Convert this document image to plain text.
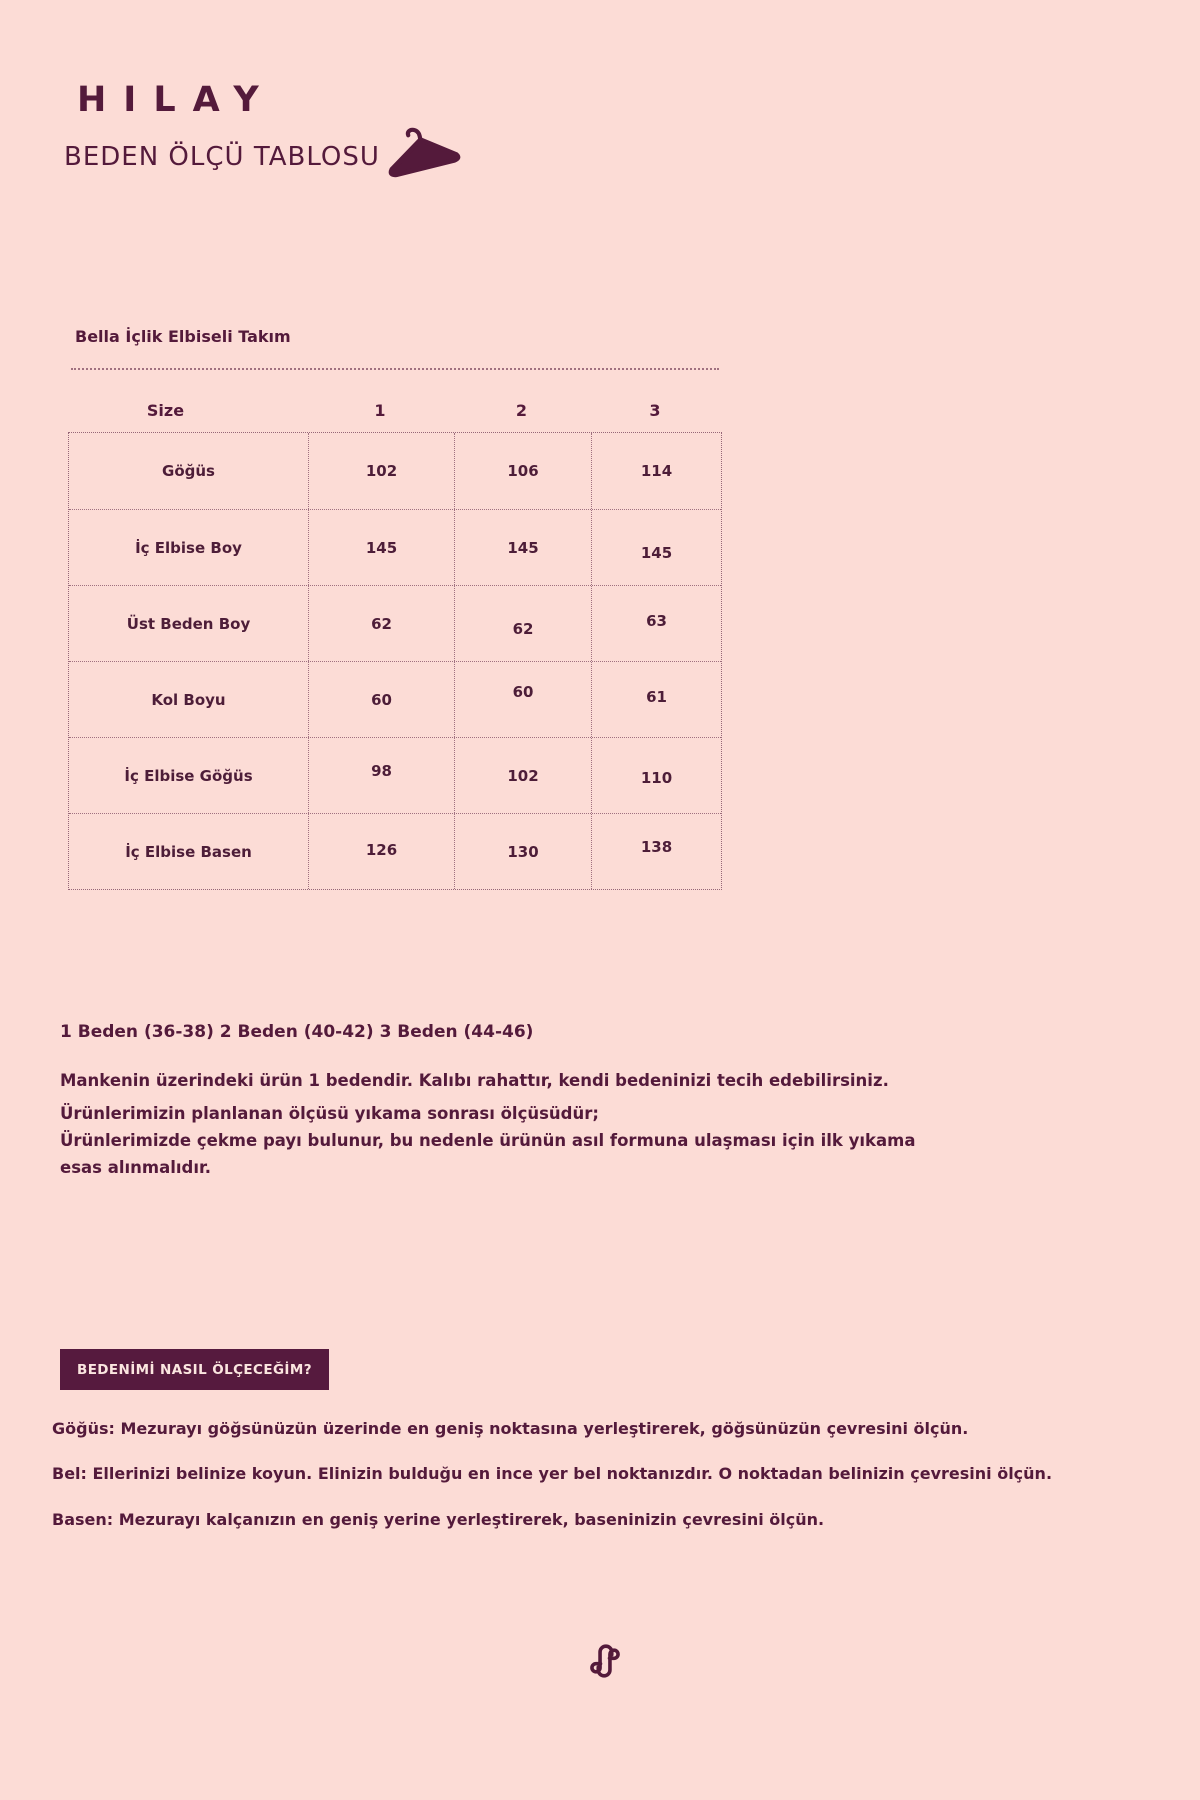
HILAY
BEDEN ÖLÇÜ TABLOSU
Bella İçlik Elbiseli Takım
Size	1	2	3
Göğüs	102	106	114
İç Elbise Boy	145	145	145
Üst Beden Boy	62	62	63
Kol Boyu	60	60	61
İç Elbise Göğüs	98	102	110
İç Elbise Basen	126	130	138
1 Beden (36-38) 2 Beden (40-42) 3 Beden (44-46)
Mankenin üzerindeki ürün 1 bedendir. Kalıbı rahattır, kendi bedeninizi tecih edebilirsiniz.
Ürünlerimizin planlanan ölçüsü yıkama sonrası ölçüsüdür;
Ürünlerimizde çekme payı bulunur, bu nedenle ürünün asıl formuna ulaşması için ilk yıkama
esas alınmalıdır.
BEDENİMİ NASIL ÖLÇECEĞİM?
Göğüs: Mezurayı göğsünüzün üzerinde en geniş noktasına yerleştirerek, göğsünüzün çevresini ölçün.
Bel: Ellerinizi belinize koyun. Elinizin bulduğu en ince yer bel noktanızdır. O noktadan belinizin çevresini ölçün.
Basen: Mezurayı kalçanızın en geniş yerine yerleştirerek, baseninizin çevresini ölçün.
